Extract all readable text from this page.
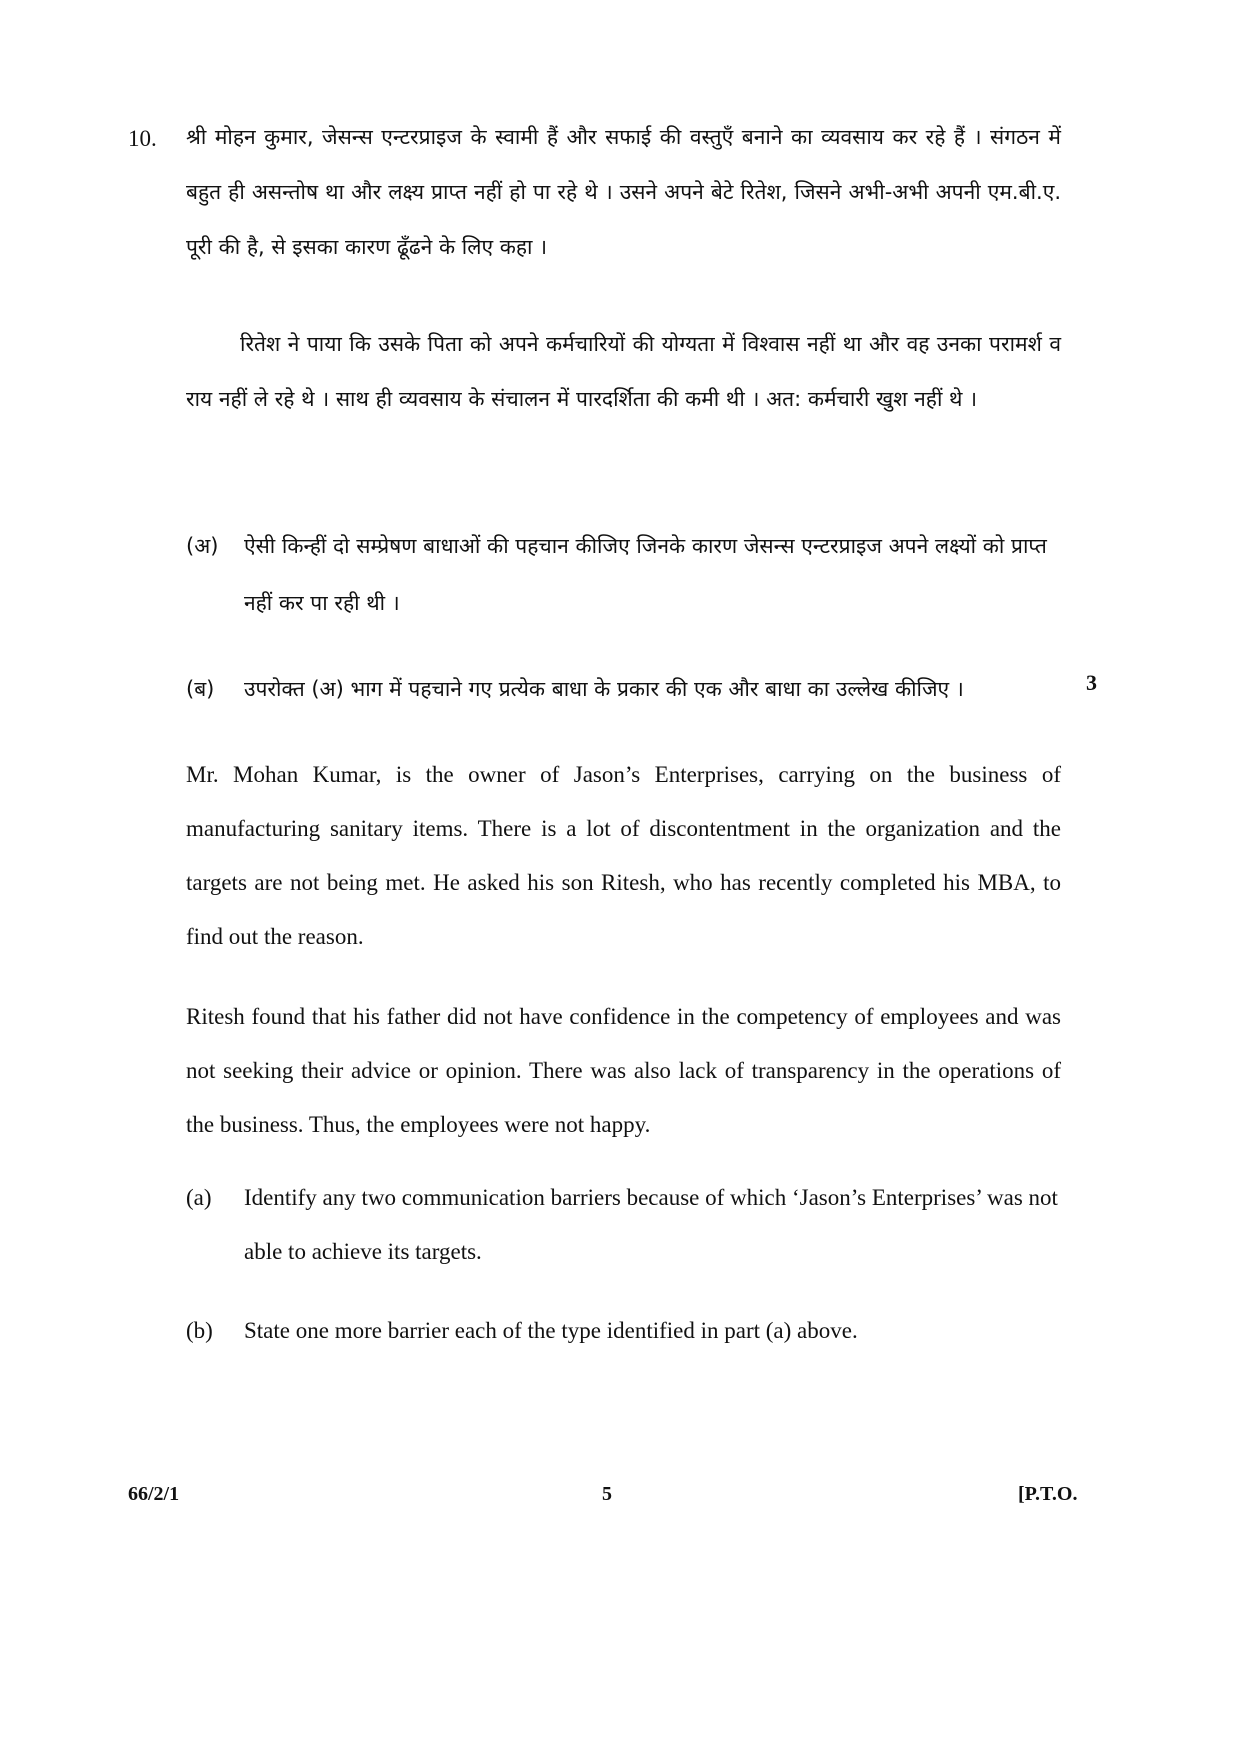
10. श्री मोहन कुमार, जेसन्स एन्टरप्राइज के स्वामी हैं और सफाई की वस्तुएँ बनाने का व्यवसाय कर रहे हैं । संगठन में बहुत ही असन्तोष था और लक्ष्य प्राप्त नहीं हो पा रहे थे । उसने अपने बेटे रितेश, जिसने अभी-अभी अपनी एम.बी.ए. पूरी की है, से इसका कारण ढूँढने के लिए कहा ।
रितेश ने पाया कि उसके पिता को अपने कर्मचारियों की योग्यता में विश्वास नहीं था और वह उनका परामर्श व राय नहीं ले रहे थे । साथ ही व्यवसाय के संचालन में पारदर्शिता की कमी थी । अत: कर्मचारी खुश नहीं थे ।
(अ)	ऐसी किन्हीं दो सम्प्रेषण बाधाओं की पहचान कीजिए जिनके कारण जेसन्स एन्टरप्राइज अपने लक्ष्यों को प्राप्त नहीं कर पा रही थी ।
(ब)	उपरोक्त (अ) भाग में पहचाने गए प्रत्येक बाधा के प्रकार की एक और बाधा का उल्लेख कीजिए ।	3
Mr. Mohan Kumar, is the owner of Jason’s Enterprises, carrying on the business of manufacturing sanitary items. There is a lot of discontentment in the organization and the targets are not being met. He asked his son Ritesh, who has recently completed his MBA, to find out the reason.
Ritesh found that his father did not have confidence in the competency of employees and was not seeking their advice or opinion. There was also lack of transparency in the operations of the business. Thus, the employees were not happy.
(a)	Identify any two communication barriers because of which ‘Jason’s Enterprises’ was not able to achieve its targets.
(b)	State one more barrier each of the type identified in part (a) above.
66/2/1	5	[P.T.O.
